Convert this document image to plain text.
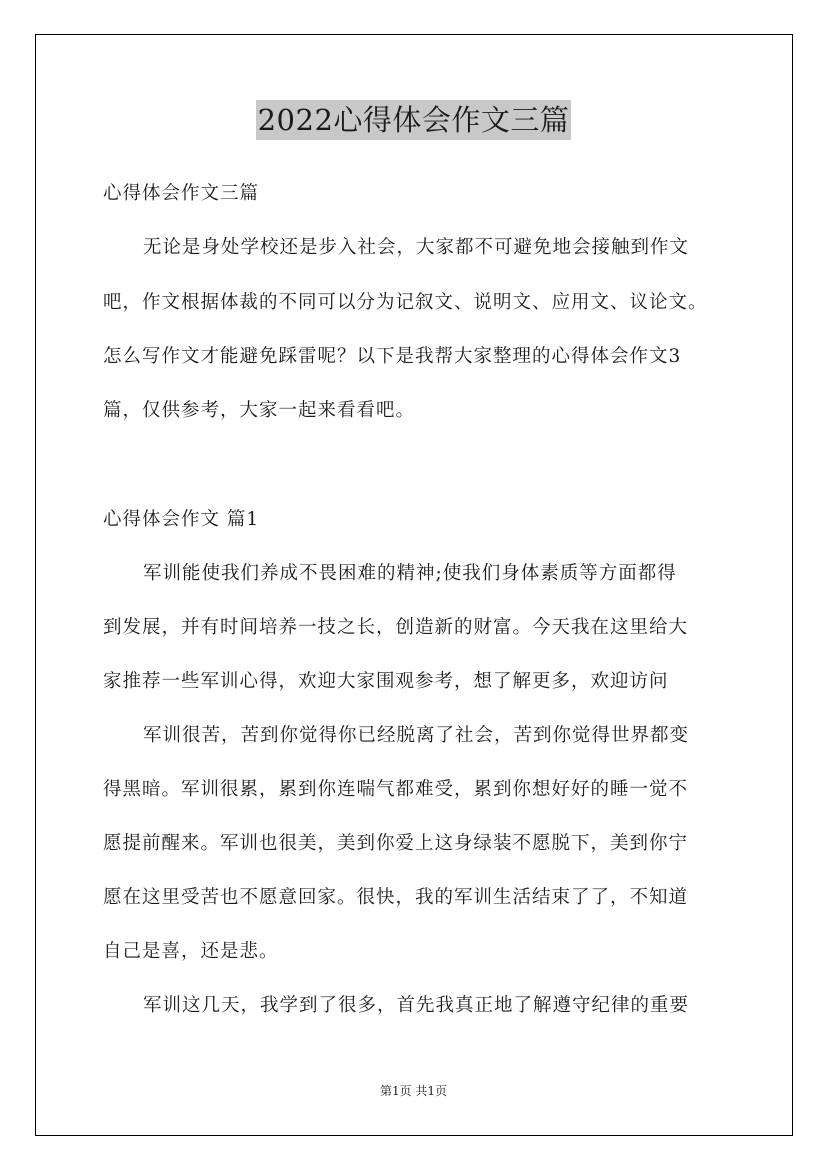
2022心得体会作文三篇
心得体会作文三篇
无论是身处学校还是步入社会，大家都不可避免地会接触到作文
吧，作文根据体裁的不同可以分为记叙文、说明文、应用文、议论文。
怎么写作文才能避免踩雷呢？以下是我帮大家整理的心得体会作文3
篇，仅供参考，大家一起来看看吧。
心得体会作文 篇1
军训能使我们养成不畏困难的精神;使我们身体素质等方面都得
到发展，并有时间培养一技之长，创造新的财富。今天我在这里给大
家推荐一些军训心得，欢迎大家围观参考，想了解更多，欢迎访问
军训很苦，苦到你觉得你已经脱离了社会，苦到你觉得世界都变
得黑暗。军训很累，累到你连喘气都难受，累到你想好好的睡一觉不
愿提前醒来。军训也很美，美到你爱上这身绿装不愿脱下，美到你宁
愿在这里受苦也不愿意回家。很快，我的军训生活结束了了，不知道
自己是喜，还是悲。
军训这几天，我学到了很多，首先我真正地了解遵守纪律的重要
第1页 共1页
